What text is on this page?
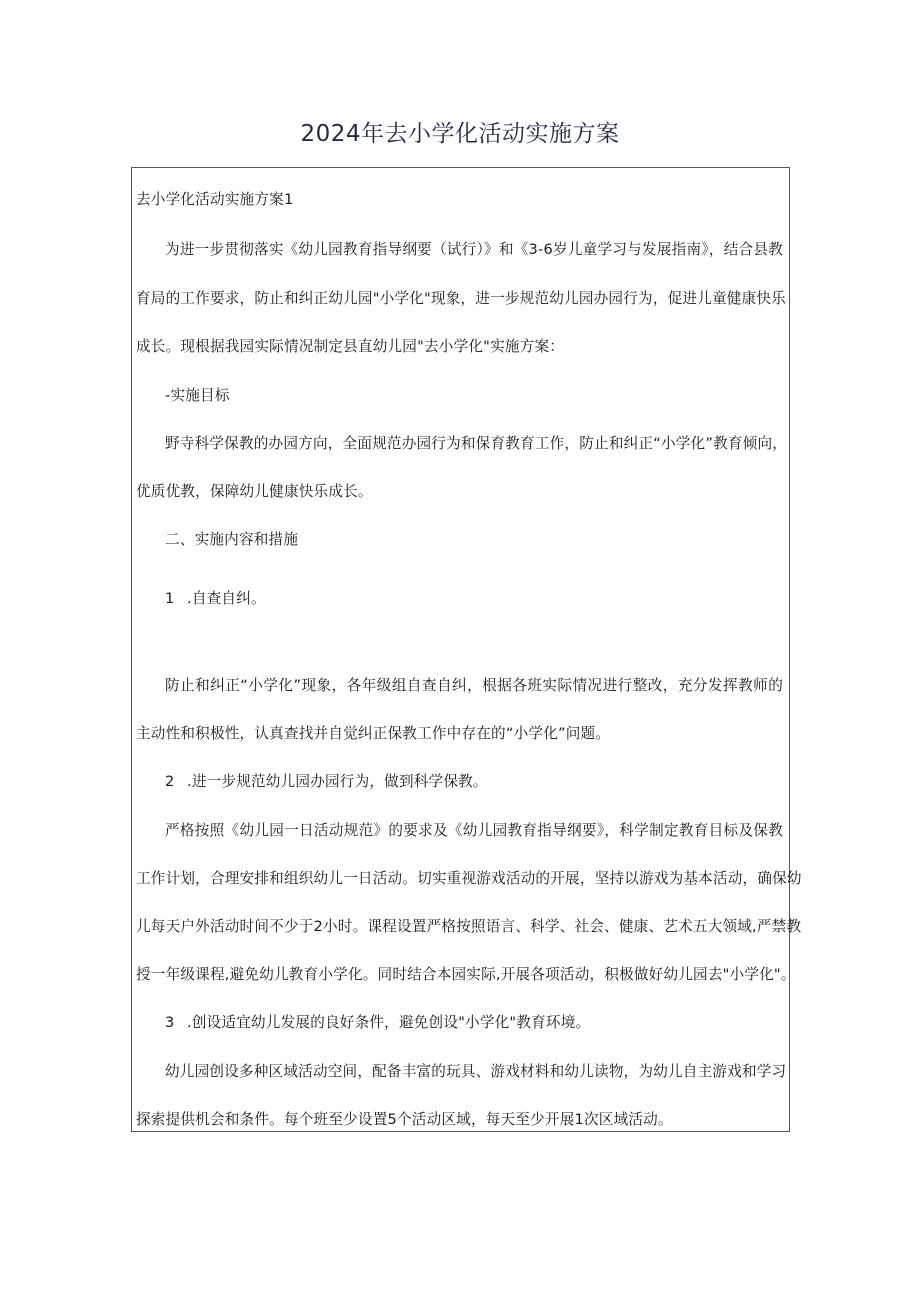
2024年去小学化活动实施方案
去小学化活动实施方案1
为进一步贯彻落实《幼儿园教育指导纲要（试行）》和《3-6岁儿童学习与发展指南》，结合县教
育局的工作要求，防止和纠正幼儿园"小学化"现象，进一步规范幼儿园办园行为，促进儿童健康快乐
成长。现根据我园实际情况制定县直幼儿园"去小学化"实施方案：
-实施目标
野寺科学保教的办园方向，全面规范办园行为和保育教育工作，防止和纠正“小学化”教育倾向，
优质优教，保障幼儿健康快乐成长。
二、实施内容和措施
1 .自查自纠。
防止和纠正“小学化”现象，各年级组自查自纠，根据各班实际情况进行整改，充分发挥教师的
主动性和积极性，认真查找并自觉纠正保教工作中存在的“小学化”问题。
2 .进一步规范幼儿园办园行为，做到科学保教。
严格按照《幼儿园一日活动规范》的要求及《幼儿园教育指导纲要》，科学制定教育目标及保教
工作计划，合理安排和组织幼儿一日活动。切实重视游戏活动的开展，坚持以游戏为基本活动，确保幼
儿每天户外活动时间不少于2小时。课程设置严格按照语言、科学、社会、健康、艺术五大领域,严禁教
授一年级课程,避免幼儿教育小学化。同时结合本园实际,开展各项活动，积极做好幼儿园去"小学化"。
3 .创设适宜幼儿发展的良好条件，避免创设"小学化"教育环境。
幼儿园创设多种区域活动空间，配备丰富的玩具、游戏材料和幼儿读物，为幼儿自主游戏和学习
探索提供机会和条件。每个班至少设置5个活动区域，每天至少开展1次区域活动。
